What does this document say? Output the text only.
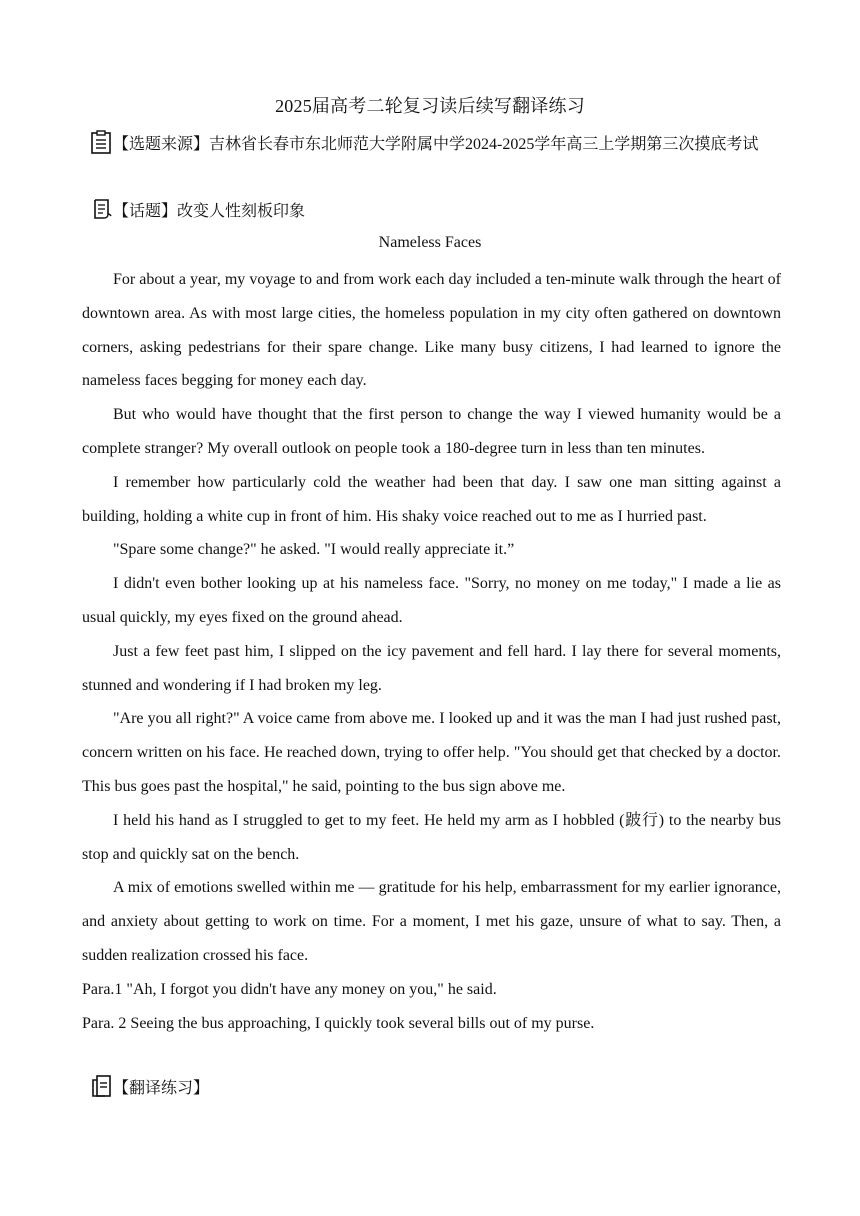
2025届高考二轮复习读后续写翻译练习
【选题来源】吉林省长春市东北师范大学附属中学2024-2025学年高三上学期第三次摸底考试
【话题】改变人性刻板印象
Nameless Faces

For about a year, my voyage to and from work each day included a ten-minute walk through the heart of downtown area. As with most large cities, the homeless population in my city often gathered on downtown corners, asking pedestrians for their spare change. Like many busy citizens, I had learned to ignore the nameless faces begging for money each day.

But who would have thought that the first person to change the way I viewed humanity would be a complete stranger? My overall outlook on people took a 180-degree turn in less than ten minutes.

I remember how particularly cold the weather had been that day. I saw one man sitting against a building, holding a white cup in front of him. His shaky voice reached out to me as I hurried past.

"Spare some change?" he asked. "I would really appreciate it.”

I didn't even bother looking up at his nameless face. "Sorry, no money on me today," I made a lie as usual quickly, my eyes fixed on the ground ahead.

Just a few feet past him, I slipped on the icy pavement and fell hard. I lay there for several moments, stunned and wondering if I had broken my leg.

"Are you all right?" A voice came from above me. I looked up and it was the man I had just rushed past, concern written on his face. He reached down, trying to offer help. "You should get that checked by a doctor. This bus goes past the hospital," he said, pointing to the bus sign above me.

I held his hand as I struggled to get to my feet. He held my arm as I hobbled (跛行) to the nearby bus stop and quickly sat on the bench.

A mix of emotions swelled within me — gratitude for his help, embarrassment for my earlier ignorance, and anxiety about getting to work on time. For a moment, I met his gaze, unsure of what to say. Then, a sudden realization crossed his face.

Para.1 "Ah, I forgot you didn't have any money on you," he said.

Para. 2 Seeing the bus approaching, I quickly took several bills out of my purse.

【翻译练习】
